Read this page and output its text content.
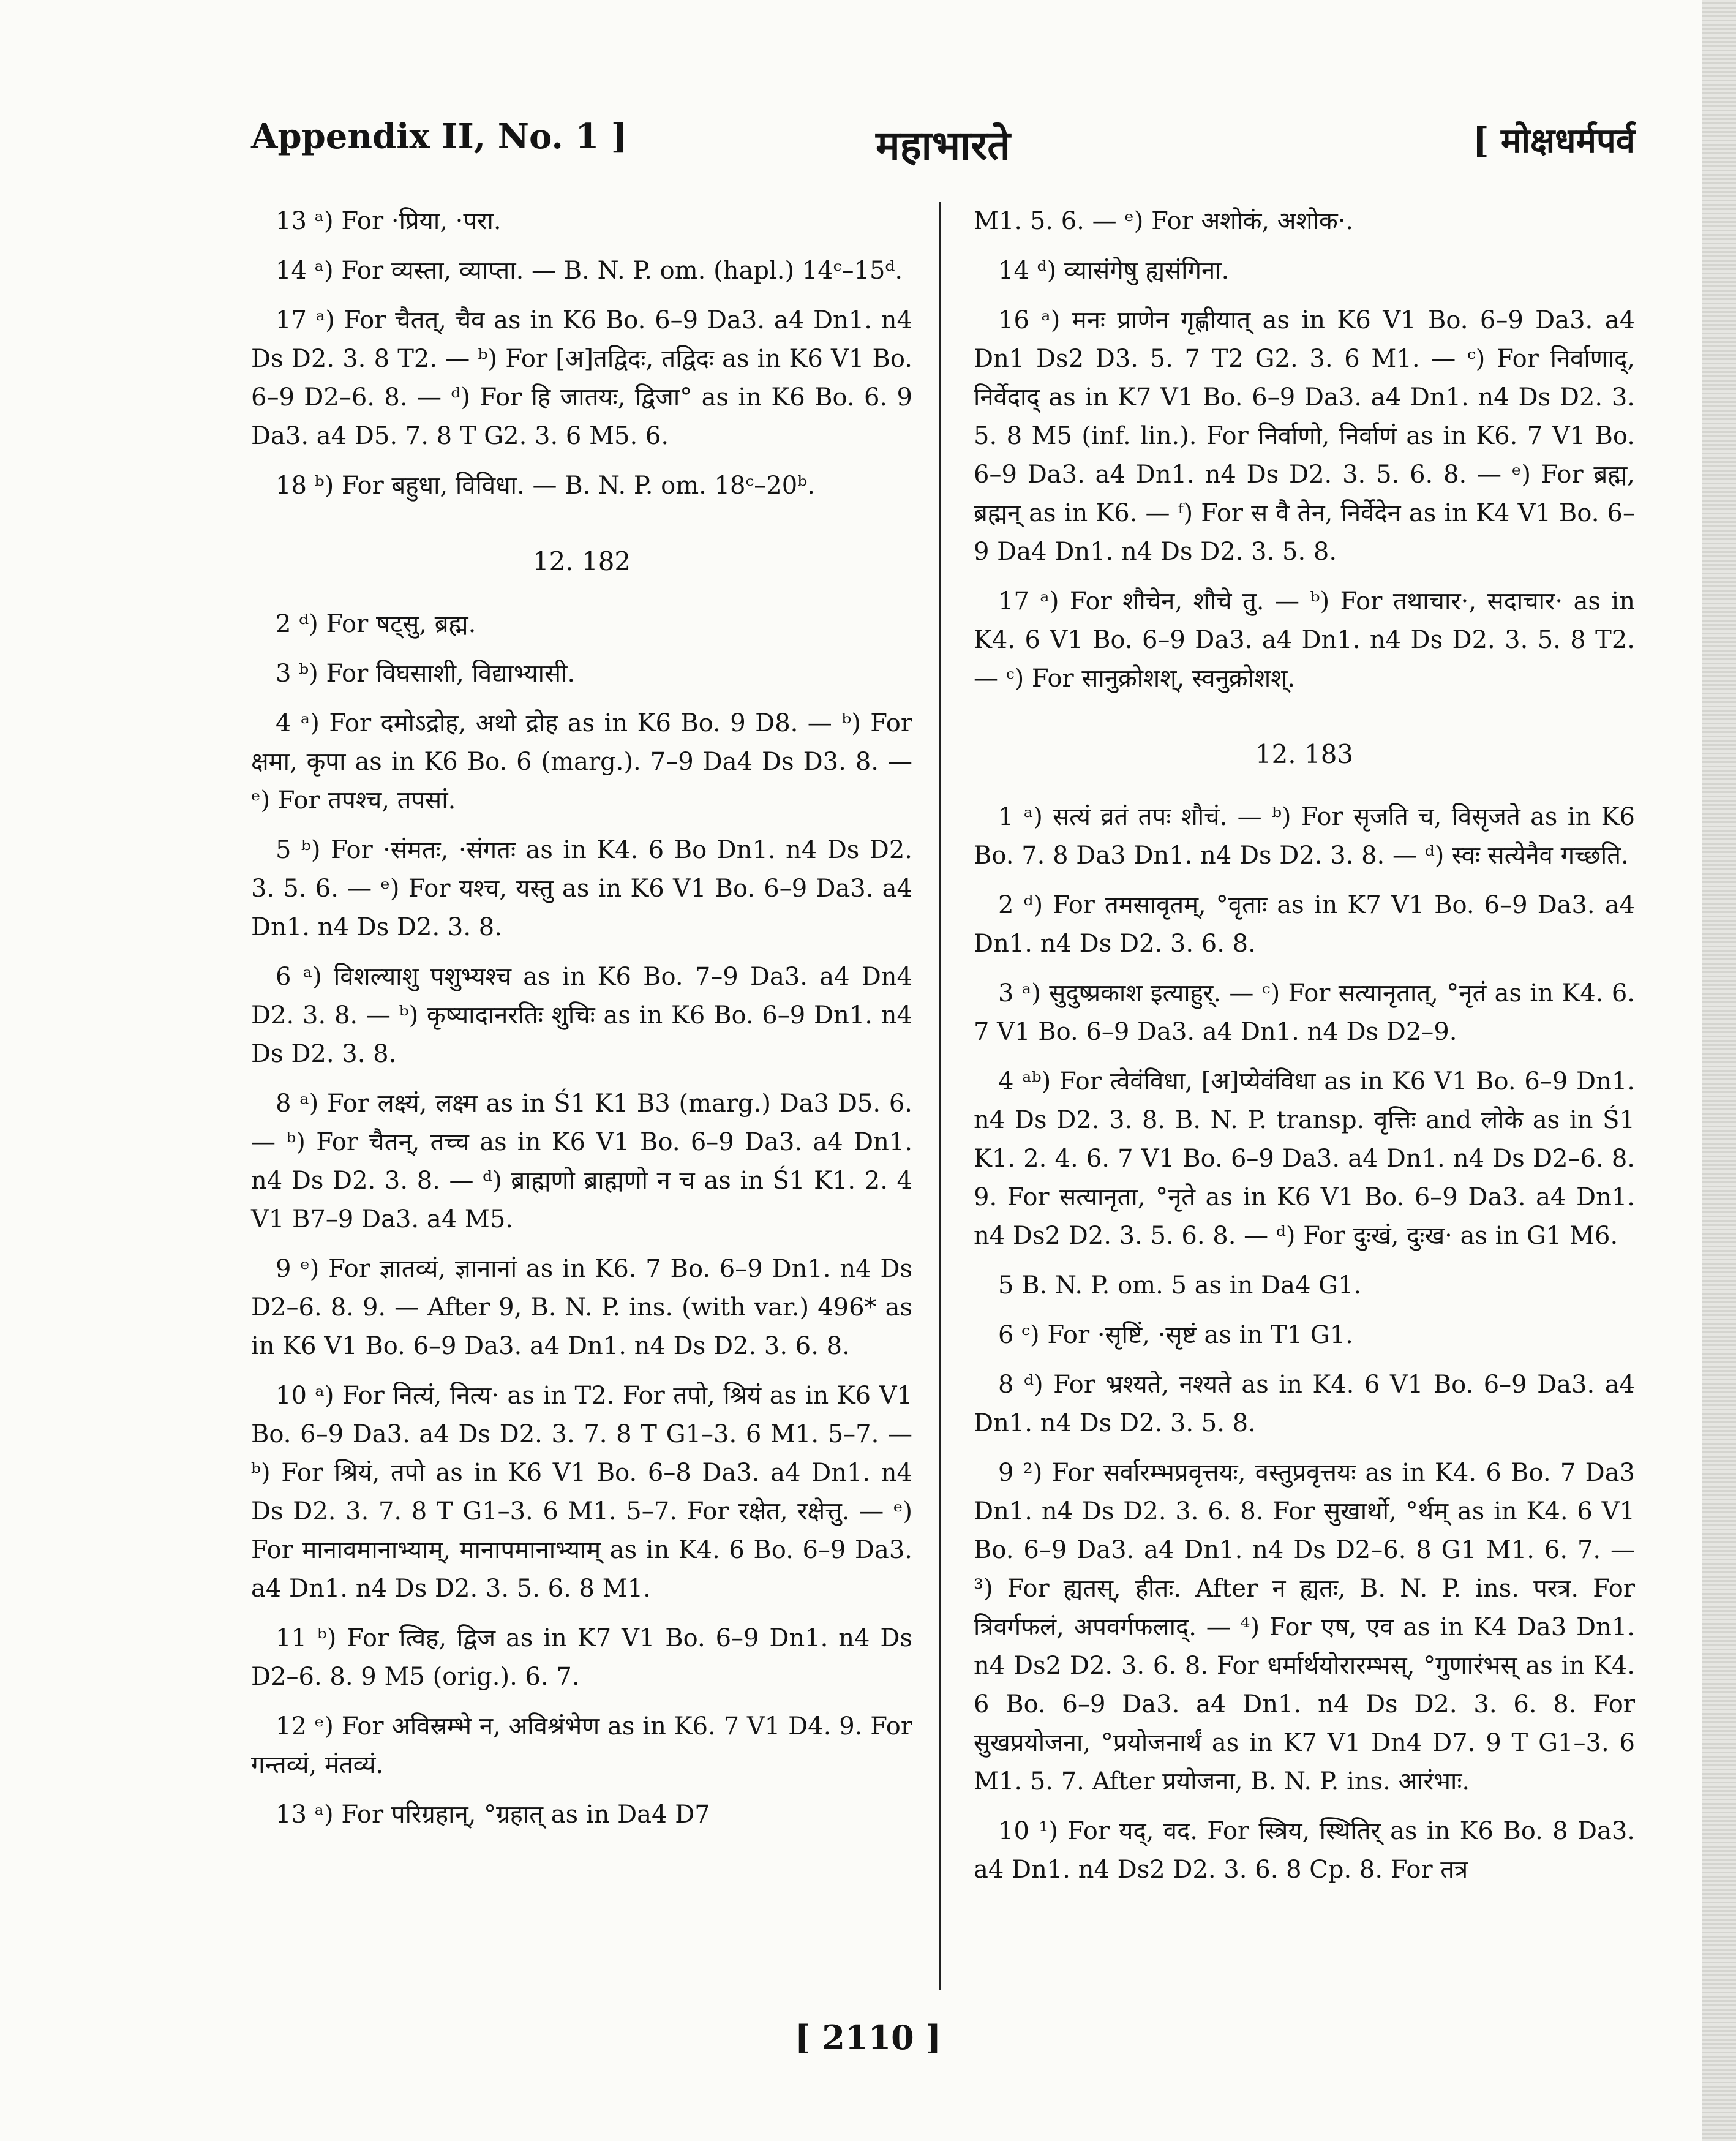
Appendix II, No. 1 ]	महाभारते	[ मोक्षधर्मपर्व

13 ᵃ) For ·प्रिया, ·परा.

14 ᵃ) For व्यस्ता, व्याप्ता. — B. N. P. om. (hapl.) 14ᶜ–15ᵈ.

17 ᵃ) For चैतत्, चैव as in K6 Bo. 6–9 Da3. a4 Dn1. n4 Ds D2. 3. 8 T2. — ᵇ) For [अ]तद्विदः, तद्विदः as in K6 V1 Bo. 6–9 D2–6. 8. — ᵈ) For हि जातयः, द्विजा° as in K6 Bo. 6. 9 Da3. a4 D5. 7. 8 T G2. 3. 6 M5. 6.

18 ᵇ) For बहुधा, विविधा. — B. N. P. om. 18ᶜ–20ᵇ.

12. 182

2 ᵈ) For षट्सु, ब्रह्म.

3 ᵇ) For विघसाशी, विद्याभ्यासी.

4 ᵃ) For दमोऽद्रोह, अथो द्रोह as in K6 Bo. 9 D8. — ᵇ) For क्षमा, कृपा as in K6 Bo. 6 (marg.). 7–9 Da4 Ds D3. 8. — ᵉ) For तपश्च, तपसां.

5 ᵇ) For ·संमतः, ·संगतः as in K4. 6 Bo Dn1. n4 Ds D2. 3. 5. 6. — ᵉ) For यश्च, यस्तु as in K6 V1 Bo. 6–9 Da3. a4 Dn1. n4 Ds D2. 3. 8.

6 ᵃ) विशल्याशु पशुभ्यश्च as in K6 Bo. 7–9 Da3. a4 Dn4 D2. 3. 8. — ᵇ) कृष्यादानरतिः शुचिः as in K6 Bo. 6–9 Dn1. n4 Ds D2. 3. 8.

8 ᵃ) For लक्ष्यं, लक्ष्म as in Ś1 K1 B3 (marg.) Da3 D5. 6. — ᵇ) For चैतन्, तच्च as in K6 V1 Bo. 6–9 Da3. a4 Dn1. n4 Ds D2. 3. 8. — ᵈ) ब्राह्मणो ब्राह्मणो न च as in Ś1 K1. 2. 4 V1 B7–9 Da3. a4 M5.

9 ᵉ) For ज्ञातव्यं, ज्ञानानां as in K6. 7 Bo. 6–9 Dn1. n4 Ds D2–6. 8. 9. — After 9, B. N. P. ins. (with var.) 496* as in K6 V1 Bo. 6–9 Da3. a4 Dn1. n4 Ds D2. 3. 6. 8.

10 ᵃ) For नित्यं, नित्य· as in T2. For तपो, श्रियं as in K6 V1 Bo. 6–9 Da3. a4 Ds D2. 3. 7. 8 T G1–3. 6 M1. 5–7. — ᵇ) For श्रियं, तपो as in K6 V1 Bo. 6–8 Da3. a4 Dn1. n4 Ds D2. 3. 7. 8 T G1–3. 6 M1. 5–7. For रक्षेत, रक्षेत्तु. — ᵉ) For मानावमानाभ्याम्, मानापमानाभ्याम् as in K4. 6 Bo. 6–9 Da3. a4 Dn1. n4 Ds D2. 3. 5. 6. 8 M1.

11 ᵇ) For त्विह, द्विज as in K7 V1 Bo. 6–9 Dn1. n4 Ds D2–6. 8. 9 M5 (orig.). 6. 7.

12 ᵉ) For अविस्रम्भे न, अविश्रंभेण as in K6. 7 V1 D4. 9. For गन्तव्यं, मंतव्यं.

13 ᵃ) For परिग्रहान्, °ग्रहात् as in Da4 D7

M1. 5. 6. — ᵉ) For अशोकं, अशोक·.

14 ᵈ) व्यासंगेषु ह्यसंगिना.

16 ᵃ) मनः प्राणेन गृह्णीयात् as in K6 V1 Bo. 6–9 Da3. a4 Dn1 Ds2 D3. 5. 7 T2 G2. 3. 6 M1. — ᶜ) For निर्वाणाद्, निर्वेदाद् as in K7 V1 Bo. 6–9 Da3. a4 Dn1. n4 Ds D2. 3. 5. 8 M5 (inf. lin.). For निर्वाणो, निर्वाणं as in K6. 7 V1 Bo. 6–9 Da3. a4 Dn1. n4 Ds D2. 3. 5. 6. 8. — ᵉ) For ब्रह्म, ब्रह्मन् as in K6. — ᶠ) For स वै तेन, निर्वेदेन as in K4 V1 Bo. 6–9 Da4 Dn1. n4 Ds D2. 3. 5. 8.

17 ᵃ) For शौचेन, शौचे तु. — ᵇ) For तथाचार·, सदाचार· as in K4. 6 V1 Bo. 6–9 Da3. a4 Dn1. n4 Ds D2. 3. 5. 8 T2. — ᶜ) For सानुक्रोशश्, स्वनुक्रोशश्.

12. 183

1 ᵃ) सत्यं व्रतं तपः शौचं. — ᵇ) For सृजति च, विसृजते as in K6 Bo. 7. 8 Da3 Dn1. n4 Ds D2. 3. 8. — ᵈ) स्वः सत्येनैव गच्छति.

2 ᵈ) For तमसावृतम्, °वृताः as in K7 V1 Bo. 6–9 Da3. a4 Dn1. n4 Ds D2. 3. 6. 8.

3 ᵃ) सुदुष्प्रकाश इत्याहुर्. — ᶜ) For सत्यानृतात्, °नृतं as in K4. 6. 7 V1 Bo. 6–9 Da3. a4 Dn1. n4 Ds D2–9.

4 ᵃᵇ) For त्वेवंविधा, [अ]प्येवंविधा as in K6 V1 Bo. 6–9 Dn1. n4 Ds D2. 3. 8. B. N. P. transp. वृत्तिः and लोके as in Ś1 K1. 2. 4. 6. 7 V1 Bo. 6–9 Da3. a4 Dn1. n4 Ds D2–6. 8. 9. For सत्यानृता, °नृते as in K6 V1 Bo. 6–9 Da3. a4 Dn1. n4 Ds2 D2. 3. 5. 6. 8. — ᵈ) For दुःखं, दुःख· as in G1 M6.

5 B. N. P. om. 5 as in Da4 G1.

6 ᶜ) For ·सृष्टिं, ·सृष्टं as in T1 G1.

8 ᵈ) For भ्रश्यते, नश्यते as in K4. 6 V1 Bo. 6–9 Da3. a4 Dn1. n4 Ds D2. 3. 5. 8.

9 ²) For सर्वारम्भप्रवृत्तयः, वस्तुप्रवृत्तयः as in K4. 6 Bo. 7 Da3 Dn1. n4 Ds D2. 3. 6. 8. For सुखार्थो, °र्थम् as in K4. 6 V1 Bo. 6–9 Da3. a4 Dn1. n4 Ds D2–6. 8 G1 M1. 6. 7. — ³) For ह्यतस्, हीतः. After न ह्यतः, B. N. P. ins. परत्र. For त्रिवर्गफलं, अपवर्गफलाद्. — ⁴) For एष, एव as in K4 Da3 Dn1. n4 Ds2 D2. 3. 6. 8. For धर्मार्थयोरारम्भस्, °गुणारंभस् as in K4. 6 Bo. 6–9 Da3. a4 Dn1. n4 Ds D2. 3. 6. 8. For सुखप्रयोजना, °प्रयोजनार्थं as in K7 V1 Dn4 D7. 9 T G1–3. 6 M1. 5. 7. After प्रयोजना, B. N. P. ins. आरंभाः.

10 ¹) For यद्, वद. For स्त्रिय, स्थितिर् as in K6 Bo. 8 Da3. a4 Dn1. n4 Ds2 D2. 3. 6. 8 Cp. 8. For तत्र

[ 2110 ]
